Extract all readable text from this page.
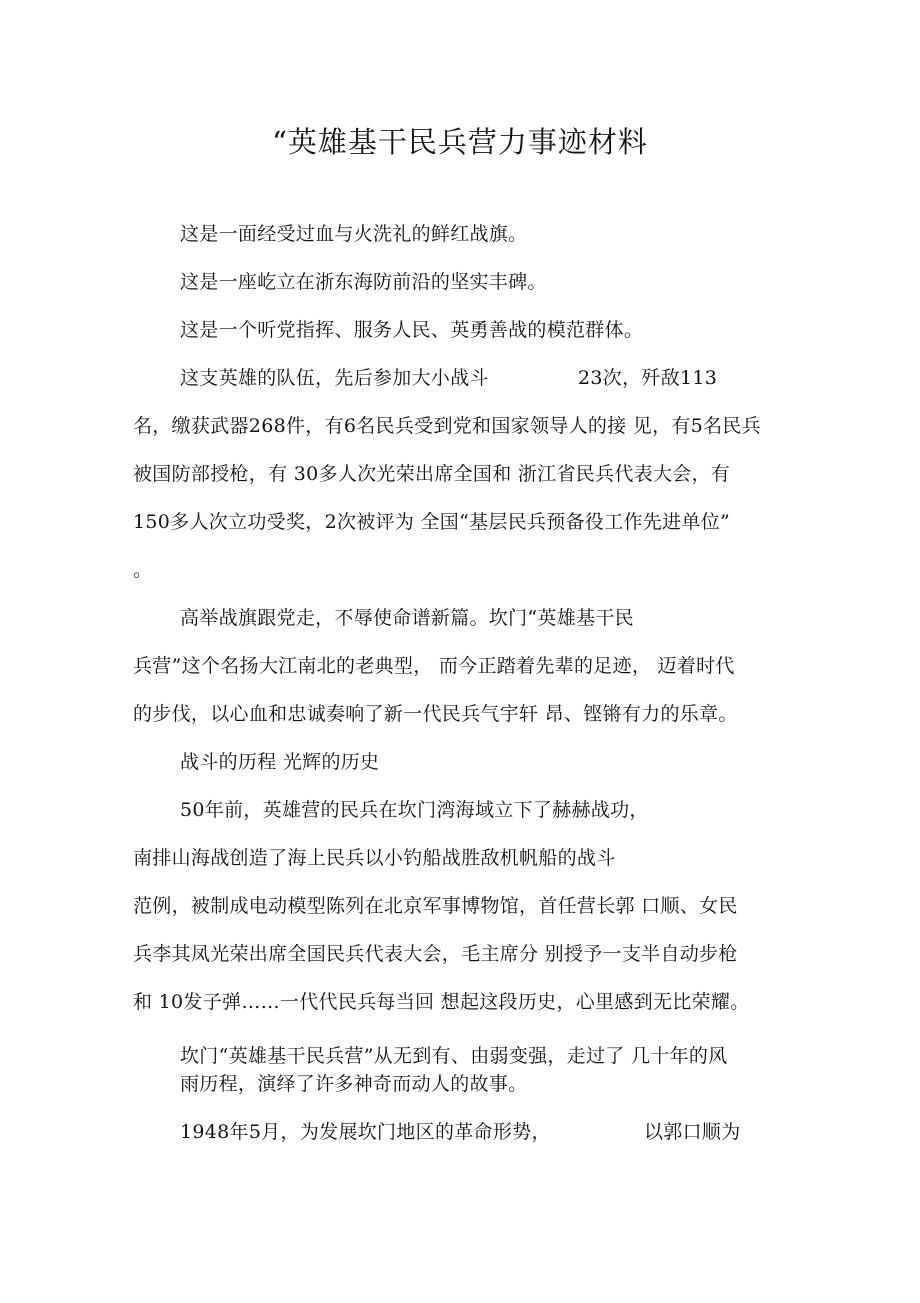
“英雄基干民兵营力事迹材料
这是一面经受过血与火洗礼的鲜红战旗。
这是一座屹立在浙东海防前沿的坚实丰碑。
这是一个听党指挥、服务人民、英勇善战的模范群体。
这支英雄的队伍，先后参加大小战斗	23次，歼敌113
名，缴获武器268件，有6名民兵受到党和国家领导人的接 见，有5名民兵
被国防部授枪，有 30多人次光荣出席全国和 浙江省民兵代表大会，有
150多人次立功受奖，2次被评为 全国“基层民兵预备役工作先进单位”
。
高举战旗跟党走，不辱使命谱新篇。坎门“英雄基干民
兵营”这个名扬大江南北的老典型， 而今正踏着先辈的足迹， 迈着时代
的步伐，以心血和忠诚奏响了新一代民兵气宇轩 昂、铿锵有力的乐章。
战斗的历程 光辉的历史
50年前，英雄营的民兵在坎门湾海域立下了赫赫战功，
南排山海战创造了海上民兵以小钓船战胜敌机帆船的战斗
范例，被制成电动模型陈列在北京军事博物馆，首任营长郭 口顺、女民
兵李其凤光荣出席全国民兵代表大会，毛主席分 别授予一支半自动步枪
和 10发子弹……一代代民兵每当回 想起这段历史，心里感到无比荣耀。
坎门“英雄基干民兵营”从无到有、由弱变强，走过了 几十年的风
雨历程，演绎了许多神奇而动人的故事。
1948年5月，为发展坎门地区的革命形势，	以郭口顺为
